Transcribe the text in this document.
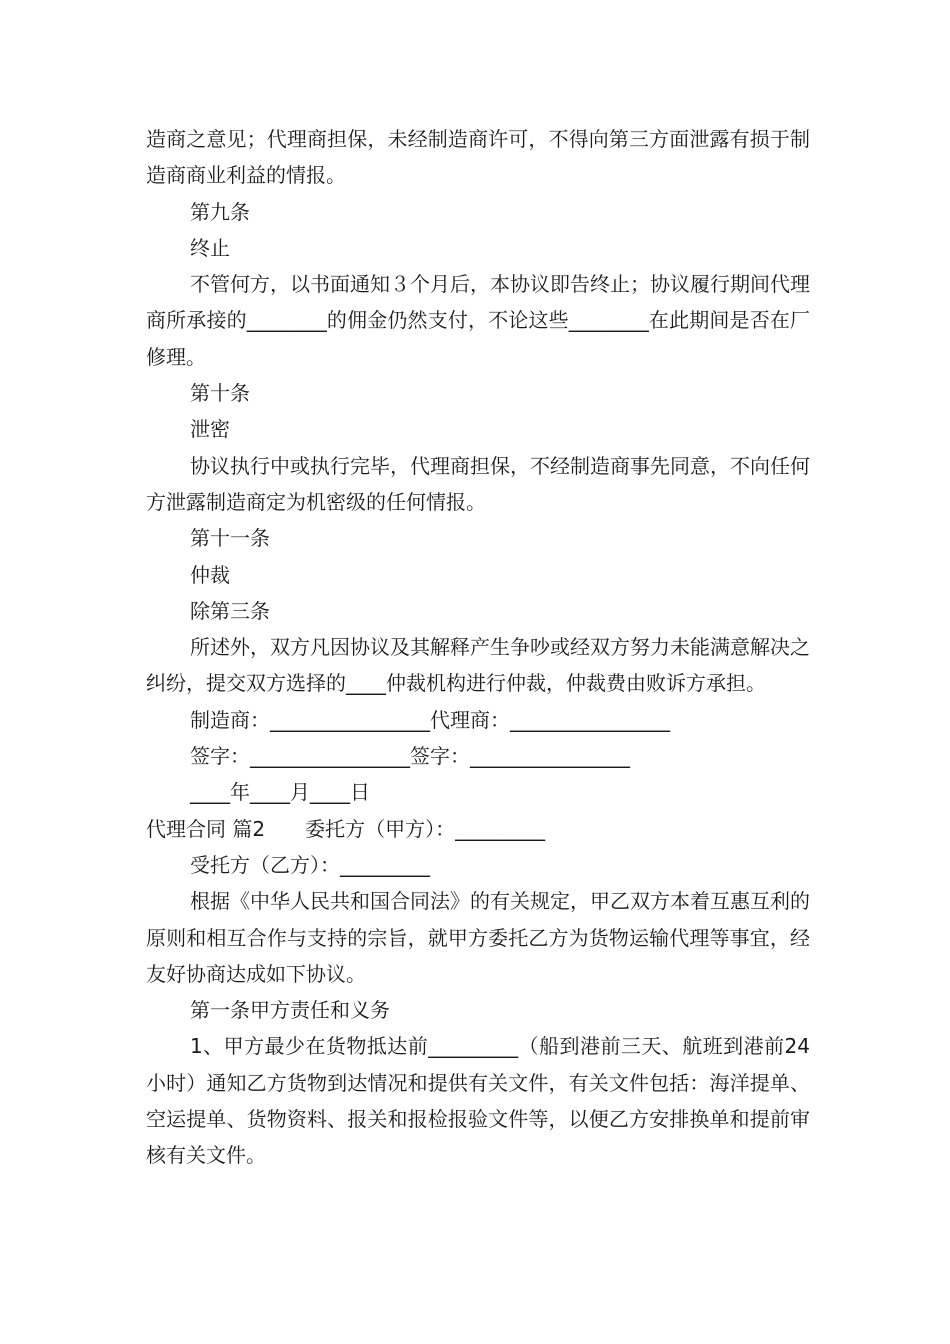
造商之意见；代理商担保，未经制造商许可，不得向第三方面泄露有损于制造商商业利益的情报。

第九条

终止

不管何方，以书面通知３个月后，本协议即告终止；协议履行期间代理商所承接的________的佣金仍然支付，不论这些________在此期间是否在厂修理。

第十条

泄密

协议执行中或执行完毕，代理商担保，不经制造商事先同意，不向任何方泄露制造商定为机密级的任何情报。

第十一条

仲裁

除第三条

所述外，双方凡因协议及其解释产生争吵或经双方努力未能满意解决之纠纷，提交双方选择的____仲裁机构进行仲裁，仲裁费由败诉方承担。

制造商：________________代理商：________________

签字：________________签字：________________

____年____月____日

代理合同 篇2　　委托方（甲方）：_________

受托方（乙方）：_________

根据《中华人民共和国合同法》的有关规定，甲乙双方本着互惠互利的原则和相互合作与支持的宗旨，就甲方委托乙方为货物运输代理等事宜，经友好协商达成如下协议。

第一条甲方责任和义务

1、甲方最少在货物抵达前_________（船到港前三天、航班到港前24小时）通知乙方货物到达情况和提供有关文件，有关文件包括：海洋提单、空运提单、货物资料、报关和报检报验文件等，以便乙方安排换单和提前审核有关文件。
